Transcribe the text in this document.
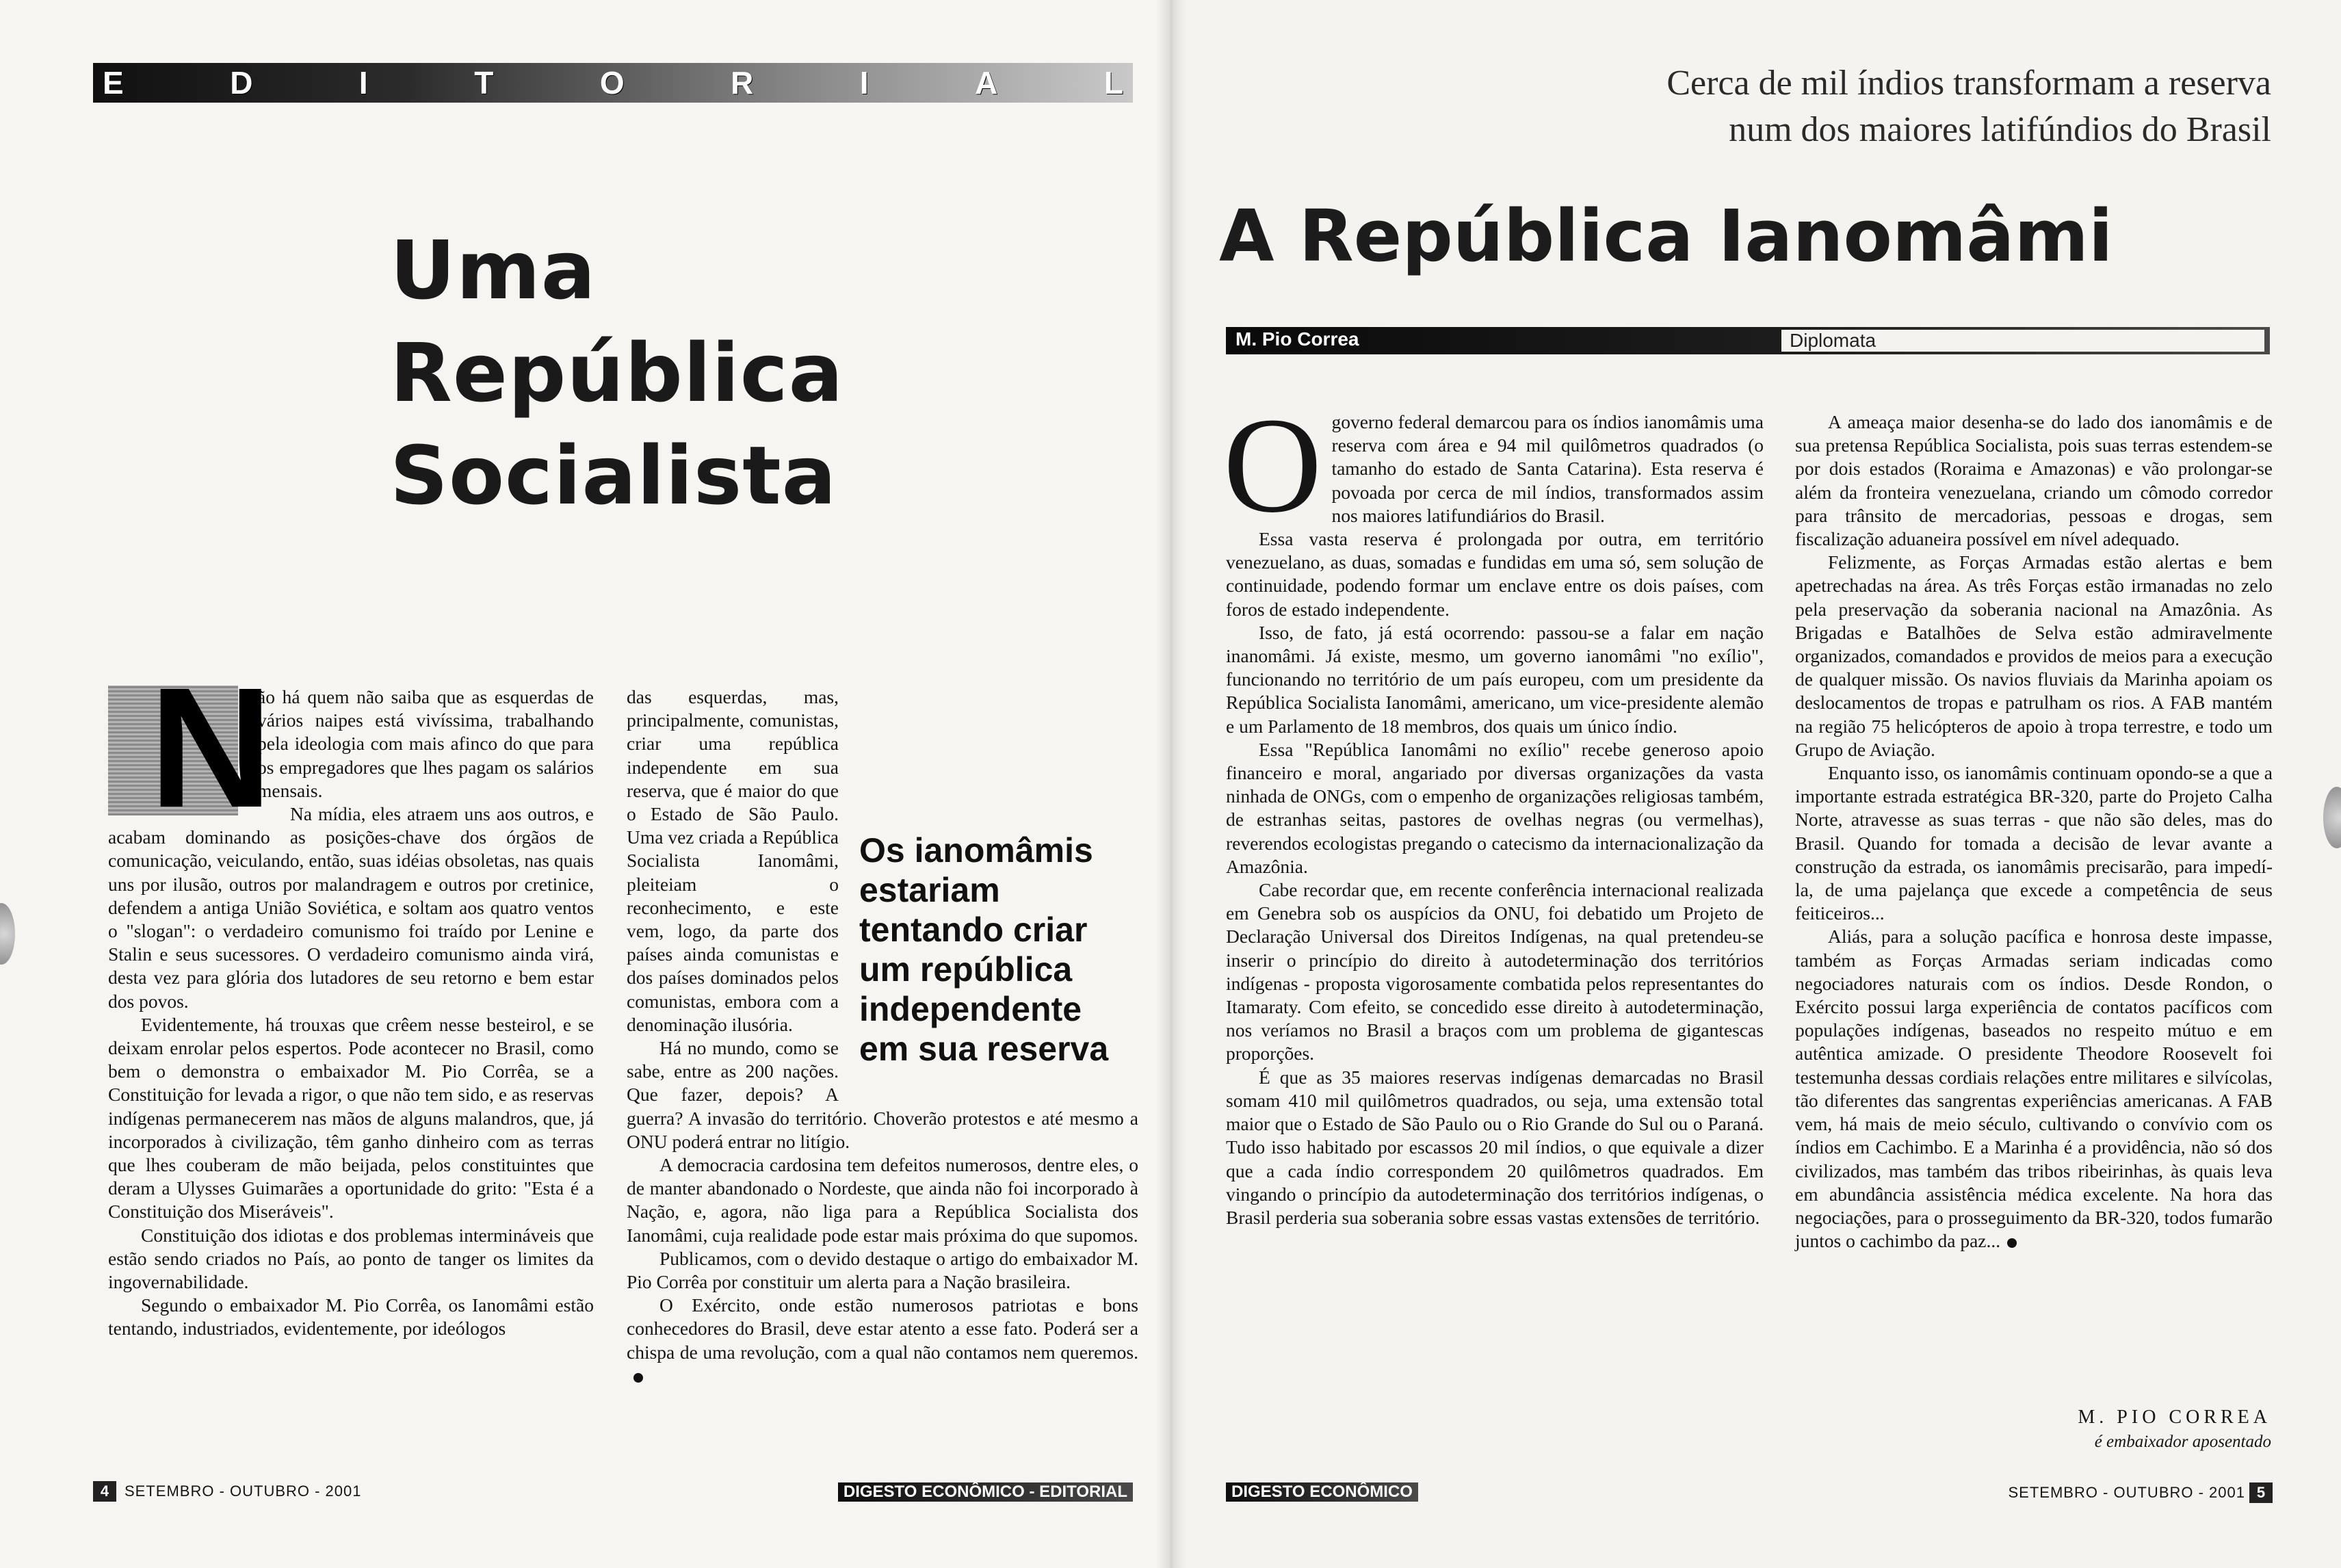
E	D	I	T	O	R	I	A	L
Uma
República
Socialista
N

ão há quem não saiba que as esquerdas de vários naipes está vivíssima, trabalhando pela ideologia com mais afinco do que para os empregadores que lhes pagam os salários mensais.

Na mídia, eles atraem uns aos outros, e acabam dominando as posições-chave dos órgãos de comunicação, veiculando, então, suas idéias obsoletas, nas quais uns por ilusão, outros por malandragem e outros por cretinice, defendem a antiga União Soviética, e soltam aos quatro ventos o "slogan": o verdadeiro comunismo foi traído por Lenine e Stalin e seus sucessores. O verdadeiro comunismo ainda virá, desta vez para glória dos lutadores de seu retorno e bem estar dos povos.

Evidentemente, há trouxas que crêem nesse besteirol, e se deixam enrolar pelos espertos. Pode acontecer no Brasil, como bem o demonstra o embaixador M. Pio Corrêa, se a Constituição for levada a rigor, o que não tem sido, e as reservas indígenas permanecerem nas mãos de alguns malandros, que, já incorporados à civilização, têm ganho dinheiro com as terras que lhes couberam de mão beijada, pelos constituintes que deram a Ulysses Guimarães a oportunidade do grito: "Esta é a Constituição dos Miseráveis".

Constituição dos idiotas e dos problemas intermináveis que estão sendo criados no País, ao ponto de tanger os limites da ingovernabilidade.

Segundo o embaixador M. Pio Corrêa, os Ianomâmi estão tentando, industriados, evidentemente, por ideólogos

Os ianomâmis estariam tentando criar um república independente em sua reserva

das esquerdas, mas, principalmente, comunistas, criar uma república independente em sua reserva, que é maior do que o Estado de São Paulo. Uma vez criada a República Socialista Ianomâmi, pleiteiam o reconhecimento, e este vem, logo, da parte dos países ainda comunistas e dos países dominados pelos comunistas, embora com a denominação ilusória.

Há no mundo, como se sabe, entre as 200 nações. Que fazer, depois? A guerra? A invasão do território. Choverão protestos e até mesmo a ONU poderá entrar no litígio.

A democracia cardosina tem defeitos numerosos, dentre eles, o de manter abandonado o Nordeste, que ainda não foi incorporado à Nação, e, agora, não liga para a República Socialista dos Ianomâmi, cuja realidade pode estar mais próxima do que supomos.

Publicamos, com o devido destaque o artigo do embaixador M. Pio Corrêa por constituir um alerta para a Nação brasileira.

O Exército, onde estão numerosos patriotas e bons conhecedores do Brasil, deve estar atento a esse fato. Poderá ser a chispa de uma revolução, com a qual não contamos nem queremos.

4 SETEMBRO - OUTUBRO - 2001	DIGESTO ECONÔMICO - EDITORIAL
Cerca de mil índios transformam a reserva
num dos maiores latifúndios do Brasil
A República Ianomâmi
M. Pio Correa	Diplomata
O governo federal demarcou para os índios ianomâmis uma reserva com área e 94 mil quilômetros quadrados (o tamanho do estado de Santa Catarina). Esta reserva é povoada por cerca de mil índios, transformados assim nos maiores latifundiários do Brasil.

Essa vasta reserva é prolongada por outra, em território venezuelano, as duas, somadas e fundidas em uma só, sem solução de continuidade, podendo formar um enclave entre os dois países, com foros de estado independente.

Isso, de fato, já está ocorrendo: passou-se a falar em nação inanomâmi. Já existe, mesmo, um governo ianomâmi "no exílio", funcionando no território de um país europeu, com um presidente da República Socialista Ianomâmi, americano, um vice-presidente alemão e um Parlamento de 18 membros, dos quais um único índio.

Essa "República Ianomâmi no exílio" recebe generoso apoio financeiro e moral, angariado por diversas organizações da vasta ninhada de ONGs, com o empenho de organizações religiosas também, de estranhas seitas, pastores de ovelhas negras (ou vermelhas), reverendos ecologistas pregando o catecismo da internacionalização da Amazônia.

Cabe recordar que, em recente conferência internacional realizada em Genebra sob os auspícios da ONU, foi debatido um Projeto de Declaração Universal dos Direitos Indígenas, na qual pretendeu-se inserir o princípio do direito à autodeterminação dos territórios indígenas - proposta vigorosamente combatida pelos representantes do Itamaraty. Com efeito, se concedido esse direito à autodeterminação, nos veríamos no Brasil a braços com um problema de gigantescas proporções.

É que as 35 maiores reservas indígenas demarcadas no Brasil somam 410 mil quilômetros quadrados, ou seja, uma extensão total maior que o Estado de São Paulo ou o Rio Grande do Sul ou o Paraná. Tudo isso habitado por escassos 20 mil índios, o que equivale a dizer que a cada índio correspondem 20 quilômetros quadrados. Em vingando o princípio da autodeterminação dos territórios indígenas, o Brasil perderia sua soberania sobre essas vastas extensões de território.

A ameaça maior desenha-se do lado dos ianomâmis e de sua pretensa República Socialista, pois suas terras estendem-se por dois estados (Roraima e Amazonas) e vão prolongar-se além da fronteira venezuelana, criando um cômodo corredor para trânsito de mercadorias, pessoas e drogas, sem fiscalização aduaneira possível em nível adequado.

Felizmente, as Forças Armadas estão alertas e bem apetrechadas na área. As três Forças estão irmanadas no zelo pela preservação da soberania nacional na Amazônia. As Brigadas e Batalhões de Selva estão admiravelmente organizados, comandados e providos de meios para a execução de qualquer missão. Os navios fluviais da Marinha apoiam os deslocamentos de tropas e patrulham os rios. A FAB mantém na região 75 helicópteros de apoio à tropa terrestre, e todo um Grupo de Aviação.

Enquanto isso, os ianomâmis continuam opondo-se a que a importante estrada estratégica BR-320, parte do Projeto Calha Norte, atravesse as suas terras - que não são deles, mas do Brasil. Quando for tomada a decisão de levar avante a construção da estrada, os ianomâmis precisarão, para impedí-la, de uma pajelança que excede a competência de seus feiticeiros...

Aliás, para a solução pacífica e honrosa deste impasse, também as Forças Armadas seriam indicadas como negociadores naturais com os índios. Desde Rondon, o Exército possui larga experiência de contatos pacíficos com populações indígenas, baseados no respeito mútuo e em autêntica amizade. O presidente Theodore Roosevelt foi testemunha dessas cordiais relações entre militares e silvícolas, tão diferentes das sangrentas experiências americanas. A FAB vem, há mais de meio século, cultivando o convívio com os índios em Cachimbo. E a Marinha é a providência, não só dos civilizados, mas também das tribos ribeirinhas, às quais leva em abundância assistência médica excelente. Na hora das negociações, para o prosseguimento da BR-320, todos fumarão juntos o cachimbo da paz...

M. PIO CORREA
é embaixador aposentado
DIGESTO ECONÔMICO	SETEMBRO - OUTUBRO - 2001 5
